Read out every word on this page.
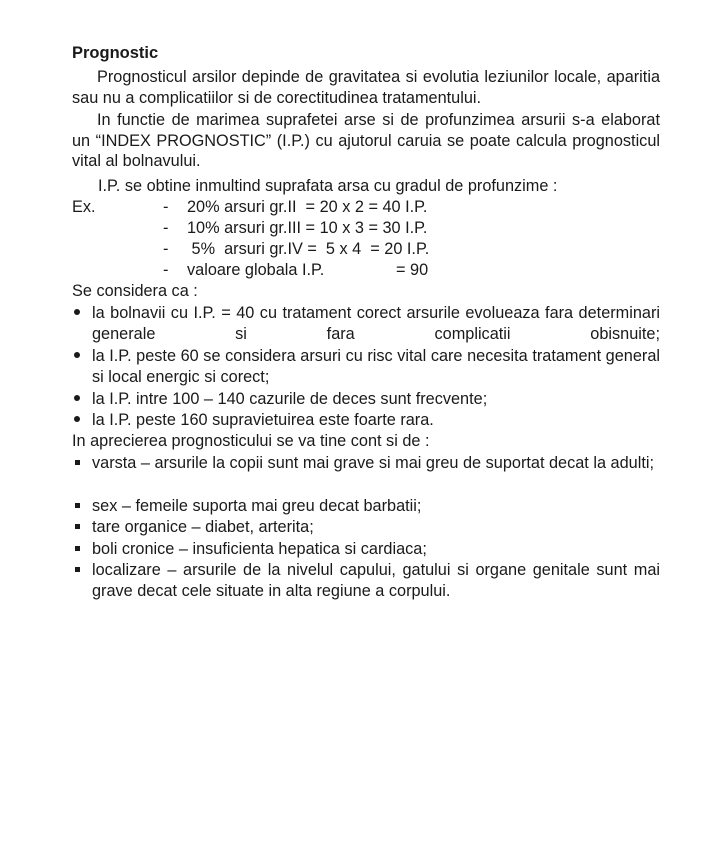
Prognostic

Prognosticul arsilor depinde de gravitatea si evolutia leziunilor locale, aparitia sau nu a complicatiilor si de corectitudinea tratamentului.

In functie de marimea suprafetei arse si de profunzimea arsurii s-a elaborat un “INDEX PROGNOSTIC” (I.P.) cu ajutorul caruia se poate calcula prognosticul vital al bolnavului.

I.P. se obtine inmultind suprafata arsa cu gradul de profunzime :

Ex.	- 20% arsuri gr.II  = 20 x 2 = 40 I.P.
- 10% arsuri gr.III = 10 x 3 = 30 I.P.
- 5%  arsuri gr.IV =  5 x 4  = 20 I.P.
- valoare globala I.P.	= 90

Se considera ca :

la bolnavii cu I.P. = 40 cu tratament corect arsurile evolueaza fara determinari generale si fara complicatii obisnuite;
la I.P. peste 60 se considera arsuri cu risc vital care necesita tratament general si local energic si corect;
la I.P. intre 100 – 140 cazurile de deces sunt frecvente;
la I.P. peste 160 supravietuirea este foarte rara.

In aprecierea prognosticului se va tine cont si de :

varsta – arsurile la copii sunt mai grave si mai greu de suportat decat la adulti;
sex – femeile suporta mai greu decat barbatii;
tare organice – diabet, arterita;
boli cronice – insuficienta hepatica si cardiaca;
localizare – arsurile de la nivelul capului, gatului si organe genitale sunt mai grave decat cele situate in alta regiune a corpului.
